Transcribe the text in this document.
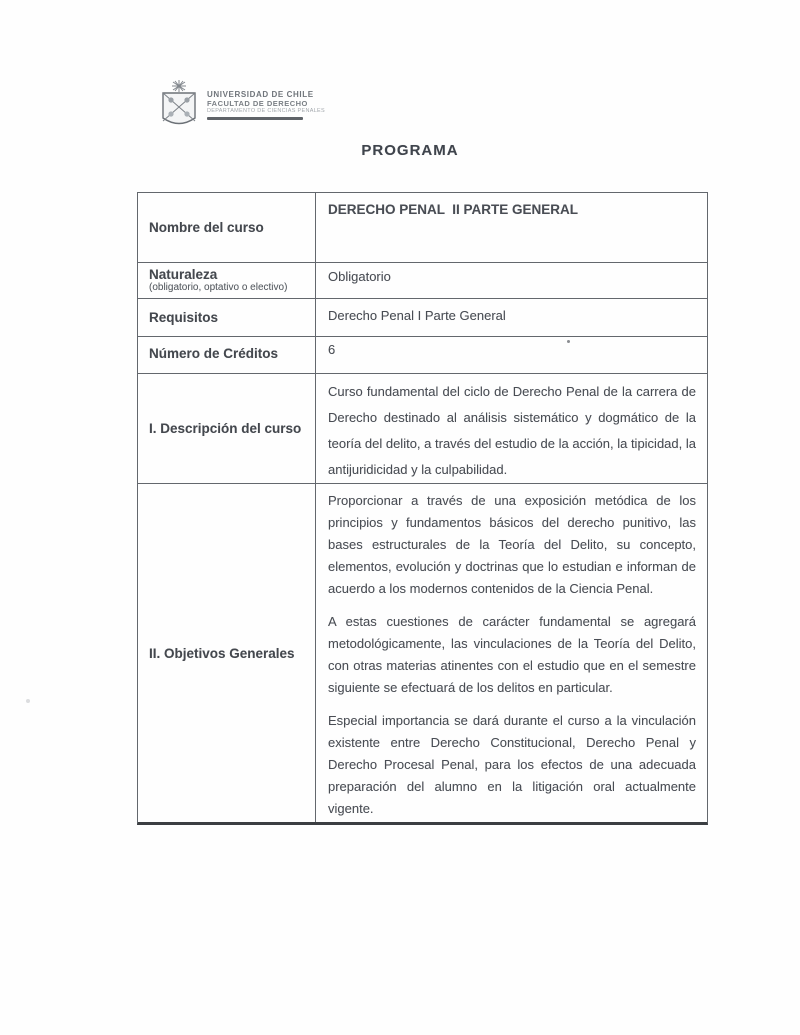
UNIVERSIDAD DE CHILE
FACULTAD DE DERECHO
DEPARTAMENTO DE CIENCIAS PENALES
PROGRAMA
Nombre del curso
DERECHO PENAL  II PARTE GENERAL
Naturaleza
(obligatorio, optativo o electivo)
Obligatorio
Requisitos	Derecho Penal I Parte General
Número de Créditos	6
I. Descripción del curso
Curso fundamental del ciclo de Derecho Penal de la carrera de Derecho destinado al análisis sistemático y dogmático de la teoría del delito, a través del estudio de la acción, la tipicidad, la antijuridicidad y la culpabilidad.
II. Objetivos Generales

Proporcionar a través de una exposición metódica de los principios y fundamentos básicos del derecho punitivo, las bases estructurales de la Teoría del Delito, su concepto, elementos, evolución y doctrinas que lo estudian e informan de acuerdo a los modernos contenidos de la Ciencia Penal.

A estas cuestiones de carácter fundamental se agregará metodológicamente, las vinculaciones de la Teoría del Delito, con otras materias atinentes con el estudio que en el semestre siguiente se efectuará de los delitos en particular.

Especial importancia se dará durante el curso a la vinculación existente entre Derecho Constitucional, Derecho Penal y Derecho Procesal Penal, para los efectos de una adecuada preparación del alumno en la litigación oral actualmente vigente.
